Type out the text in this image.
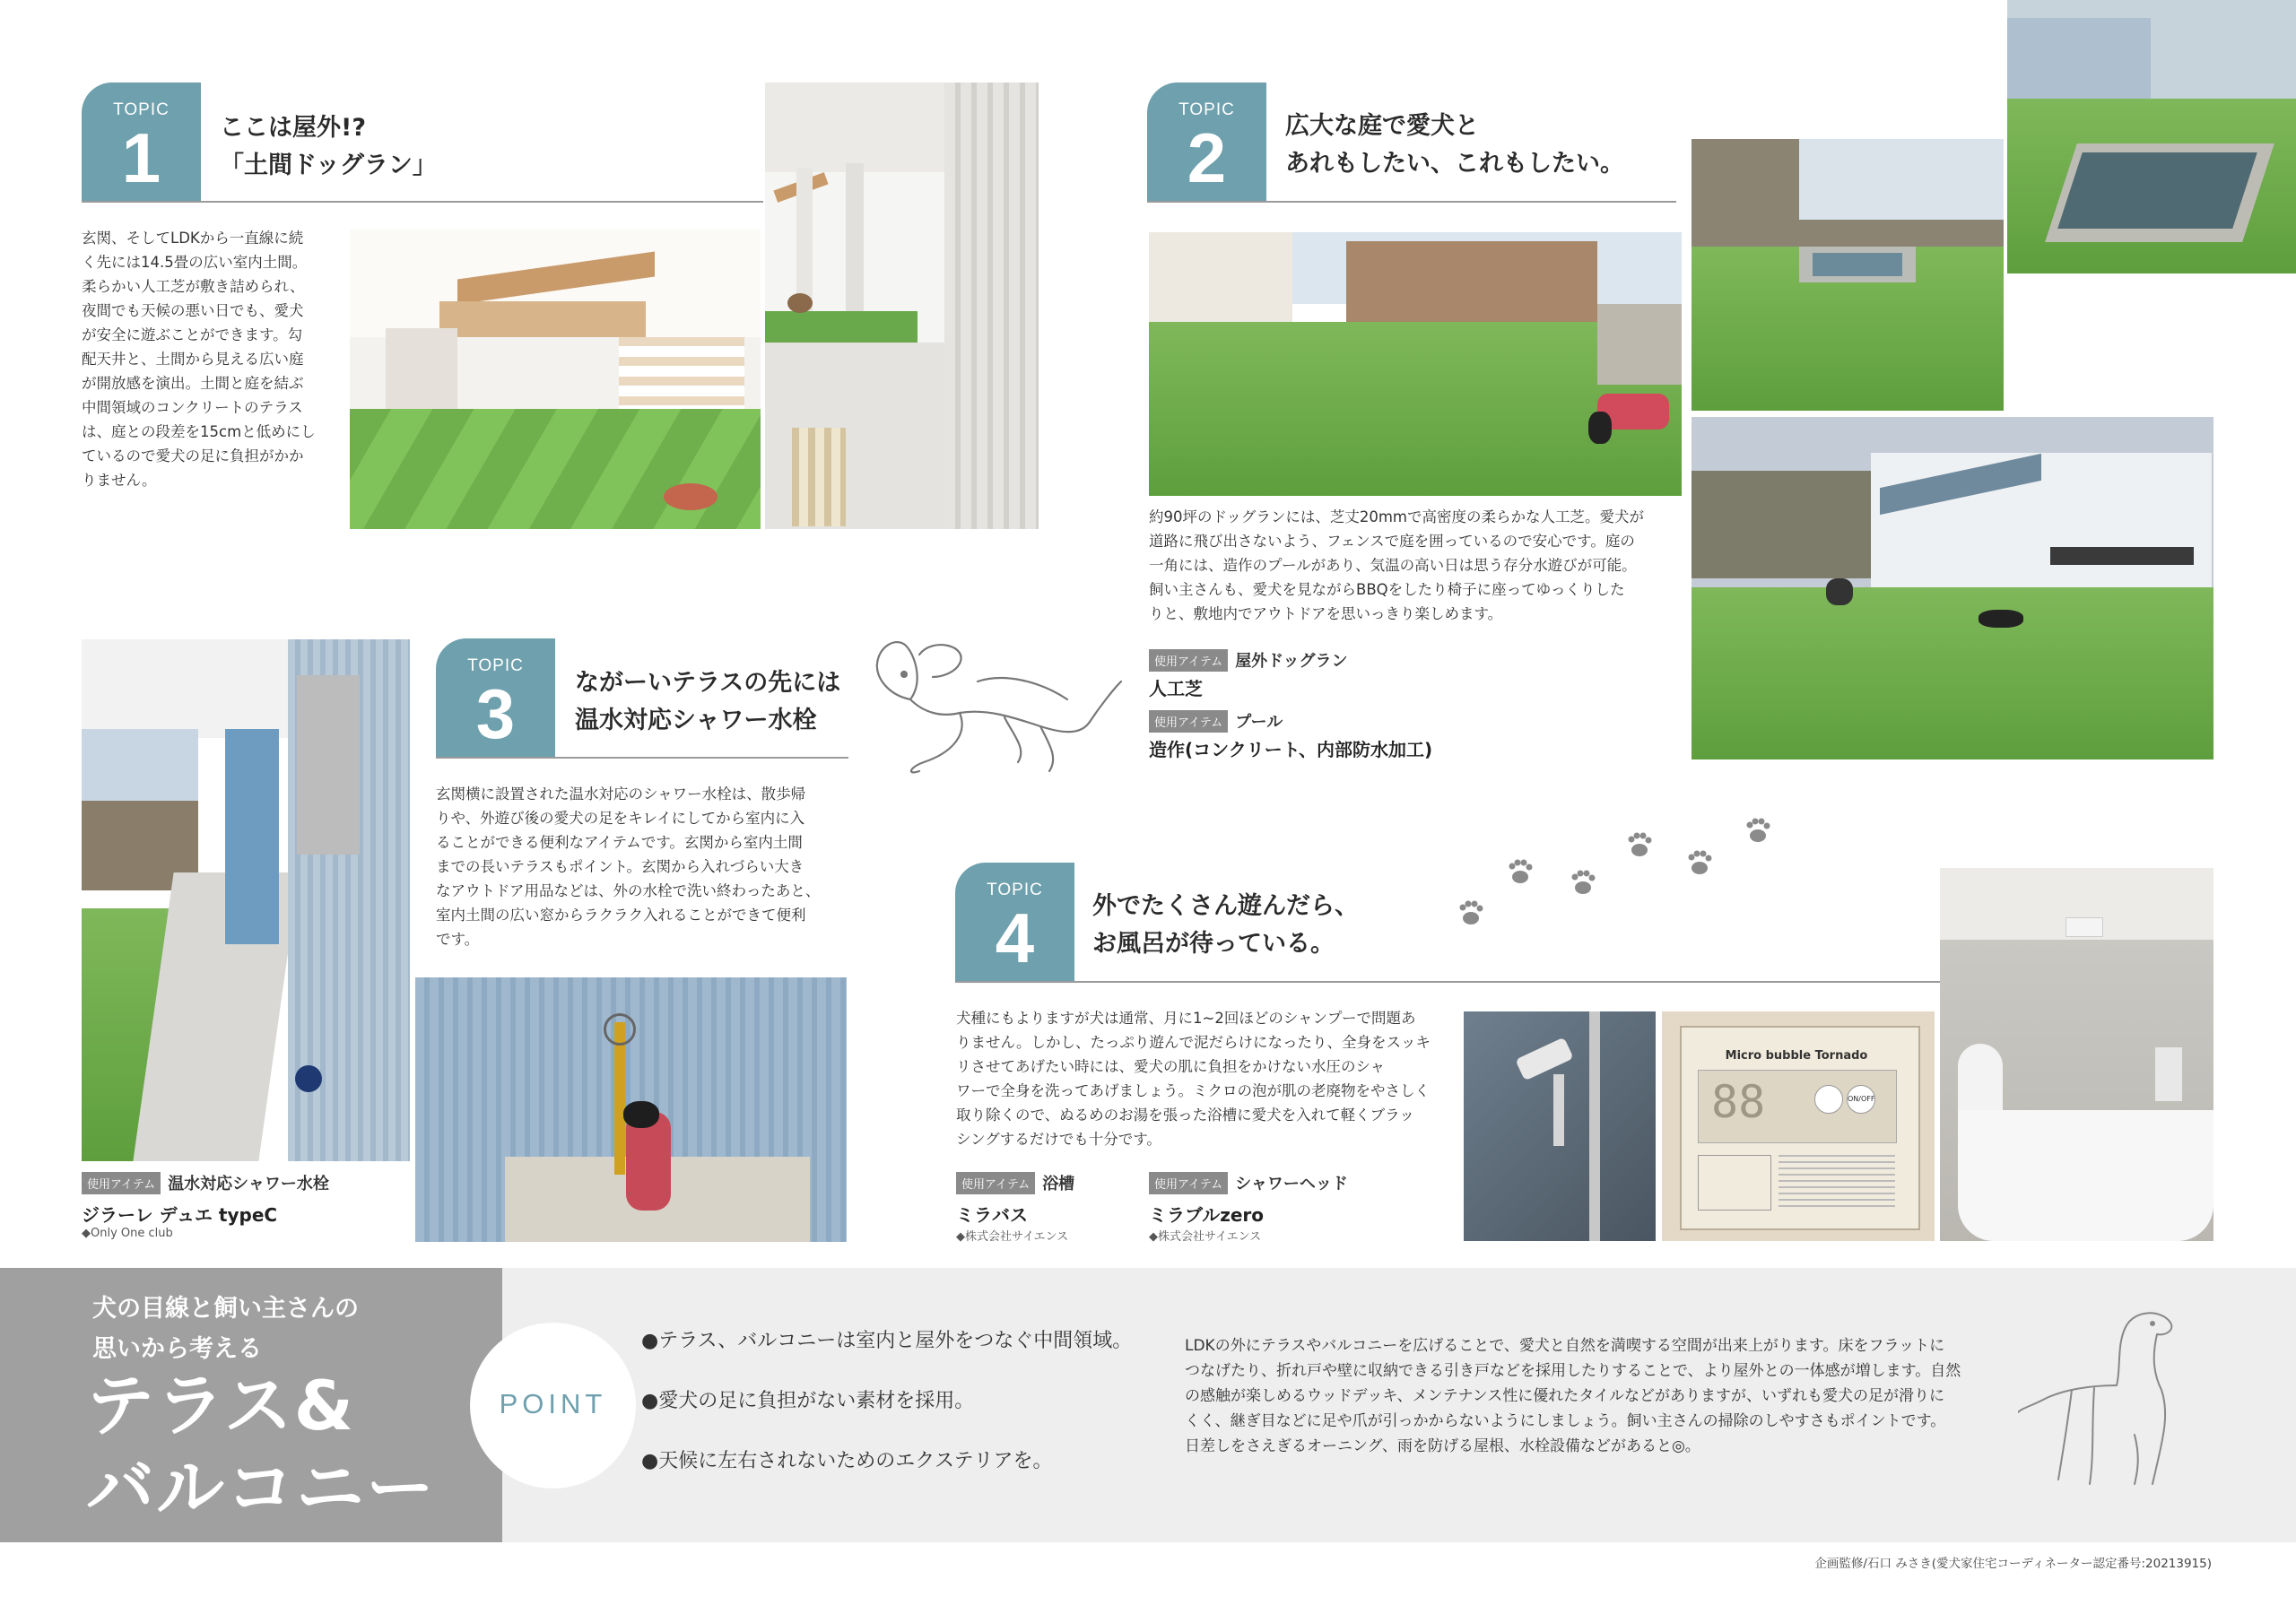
TOPIC
1	ここは屋外!?
「土間ドッグラン」
玄関、そしてLDKから一直線に続
く先には14.5畳の広い室内土間。
柔らかい人工芝が敷き詰められ、
夜間でも天候の悪い日でも、愛犬
が安全に遊ぶことができます。勾
配天井と、土間から見える広い庭
が開放感を演出。土間と庭を結ぶ
中間領域のコンクリートのテラス
は、庭との段差を15cmと低めにし
ているので愛犬の足に負担がかか
りません。
TOPIC
2	広大な庭で愛犬と
あれもしたい、これもしたい。
約90坪のドッグランには、芝丈20mmで高密度の柔らかな人工芝。愛犬が
道路に飛び出さないよう、フェンスで庭を囲っているので安心です。庭の
一角には、造作のプールがあり、気温の高い日は思う存分水遊びが可能。
飼い主さんも、愛犬を見ながらBBQをしたり椅子に座ってゆっくりした
りと、敷地内でアウトドアを思いっきり楽しめます。
使用アイテム 屋外ドッグラン
人工芝
使用アイテム プール
造作(コンクリート、内部防水加工)
TOPIC
3	ながーいテラスの先には
温水対応シャワー水栓
玄関横に設置された温水対応のシャワー水栓は、散歩帰
りや、外遊び後の愛犬の足をキレイにしてから室内に入
ることができる便利なアイテムです。玄関から室内土間
までの長いテラスもポイント。玄関から入れづらい大き
なアウトドア用品などは、外の水栓で洗い終わったあと、
室内土間の広い窓からラクラク入れることができて便利
です。
使用アイテム 温水対応シャワー水栓
ジラーレ デュエ typeC
◆Only One club
TOPIC
4	外でたくさん遊んだら、
お風呂が待っている。
犬種にもよりますが犬は通常、月に1~2回ほどのシャンプーで問題あ
りません。しかし、たっぷり遊んで泥だらけになったり、全身をスッキ
リさせてあげたい時には、愛犬の肌に負担をかけない水圧のシャ
ワーで全身を洗ってあげましょう。ミクロの泡が肌の老廃物をやさしく
取り除くので、ぬるめのお湯を張った浴槽に愛犬を入れて軽くブラッ
シングするだけでも十分です。
使用アイテム 浴槽
ミラバス
◆株式会社サイエンス
使用アイテム シャワーヘッド
ミラブルzero
◆株式会社サイエンス
Micro bubble Tornado
88	ON/OFF
犬の目線と飼い主さんの
思いから考える
テラス&
バルコニー
POINT
●テラス、バルコニーは室内と屋外をつなぐ中間領域。
●愛犬の足に負担がない素材を採用。
●天候に左右されないためのエクステリアを。
LDKの外にテラスやバルコニーを広げることで、愛犬と自然を満喫する空間が出来上がります。床をフラットに
つなげたり、折れ戸や壁に収納できる引き戸などを採用したりすることで、より屋外との一体感が増します。自然
の感触が楽しめるウッドデッキ、メンテナンス性に優れたタイルなどがありますが、いずれも愛犬の足が滑りに
くく、継ぎ目などに足や爪が引っかからないようにしましょう。飼い主さんの掃除のしやすさもポイントです。
日差しをさえぎるオーニング、雨を防げる屋根、水栓設備などがあると◎。
企画監修/石口 みさき(愛犬家住宅コーディネーター認定番号:20213915)
